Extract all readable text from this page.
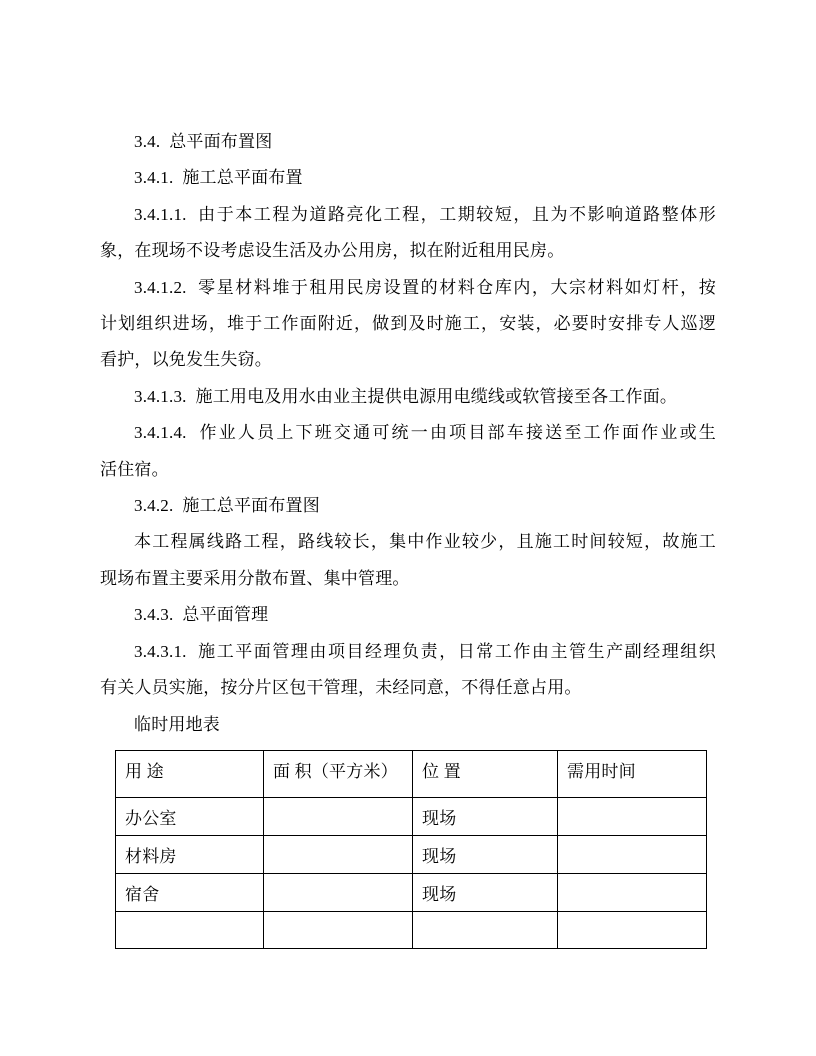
3.4.  总平面布置图
3.4.1.  施工总平面布置
3.4.1.1.  由于本工程为道路亮化工程，工期较短，且为不影响道路整体形
象，在现场不设考虑设生活及办公用房，拟在附近租用民房。
3.4.1.2.  零星材料堆于租用民房设置的材料仓库内，大宗材料如灯杆，按
计划组织进场，堆于工作面附近，做到及时施工，安装，必要时安排专人巡逻
看护，以免发生失窃。
3.4.1.3.  施工用电及用水由业主提供电源用电缆线或软管接至各工作面。
3.4.1.4.  作业人员上下班交通可统一由项目部车接送至工作面作业或生
活住宿。
3.4.2.  施工总平面布置图
本工程属线路工程，路线较长，集中作业较少，且施工时间较短，故施工
现场布置主要采用分散布置、集中管理。
3.4.3.  总平面管理
3.4.3.1.  施工平面管理由项目经理负责，日常工作由主管生产副经理组织
有关人员实施，按分片区包干管理，未经同意，不得任意占用。
临时用地表
用 途	面 积（平方米）	位 置	需用时间
办公室		现场	
材料房		现场	
宿舍		现场	
